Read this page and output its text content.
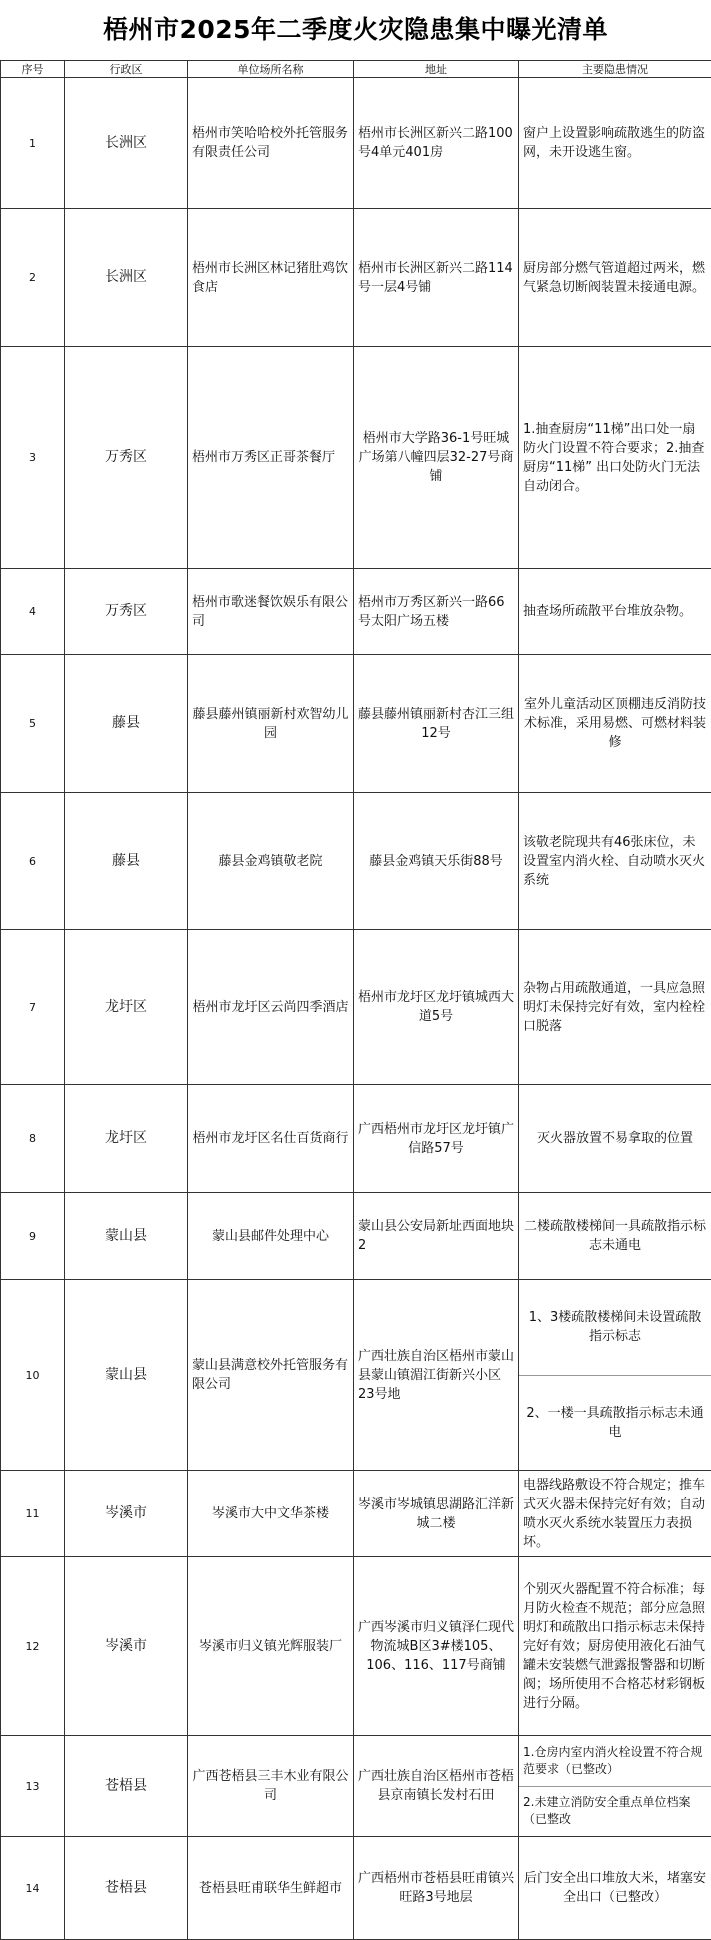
梧州市2025年二季度火灾隐患集中曝光清单
序号	行政区	单位场所名称	地址	主要隐患情况
1	长洲区	梧州市笑哈哈校外托管服务有限责任公司	梧州市长洲区新兴二路100号4单元401房	窗户上设置影响疏散逃生的防盗网，未开设逃生窗。
2	长洲区	梧州市长洲区林记猪肚鸡饮食店	梧州市长洲区新兴二路114号一层4号铺	厨房部分燃气管道超过两米，燃气紧急切断阀装置未接通电源。
3	万秀区	梧州市万秀区正哥茶餐厅	梧州市大学路36-1号旺城广场第八幢四层32-27号商铺	1.抽查厨房“11梯”出口处一扇防火门设置不符合要求；2.抽查厨房“11梯” 出口处防火门无法自动闭合。
4	万秀区	梧州市歌迷餐饮娱乐有限公司	梧州市万秀区新兴一路66号太阳广场五楼	抽查场所疏散平台堆放杂物。
5	藤县	藤县藤州镇丽新村欢智幼儿园	藤县藤州镇丽新村杏江三组12号	室外儿童活动区顶棚违反消防技术标准，采用易燃、可燃材料装修
6	藤县	藤县金鸡镇敬老院	藤县金鸡镇天乐街88号	该敬老院现共有46张床位，未设置室内消火栓、自动喷水灭火系统
7	龙圩区	梧州市龙圩区云尚四季酒店	梧州市龙圩区龙圩镇城西大道5号	杂物占用疏散通道，一具应急照明灯未保持完好有效，室内栓栓口脱落
8	龙圩区	梧州市龙圩区名仕百货商行	广西梧州市龙圩区龙圩镇广信路57号	灭火器放置不易拿取的位置
9	蒙山县	蒙山县邮件处理中心	蒙山县公安局新址西面地块2	二楼疏散楼梯间一具疏散指示标志未通电
10	蒙山县	蒙山县满意校外托管服务有限公司	广西壮族自治区梧州市蒙山县蒙山镇湄江街新兴小区23号地	1、3楼疏散楼梯间未设置疏散指示标志
2、一楼一具疏散指示标志未通电

11	岑溪市	岑溪市大中文华茶楼	岑溪市岑城镇思湖路汇洋新城二楼	电器线路敷设不符合规定；推车式灭火器未保持完好有效；自动喷水灭火系统水装置压力表损坏。
12	岑溪市	岑溪市归义镇光辉服装厂	广西岑溪市归义镇泽仁现代物流城B区3#楼105、106、116、117号商铺	个别灭火器配置不符合标准；每月防火检查不规范；部分应急照明灯和疏散出口指示标志未保持完好有效；厨房使用液化石油气罐未安装燃气泄露报警器和切断阀；场所使用不合格芯材彩钢板进行分隔。
13	苍梧县	广西苍梧县三丰木业有限公司	广西壮族自治区梧州市苍梧县京南镇长发村石田	1.仓房内室内消火栓设置不符合规范要求（已整改）
2.未建立消防安全重点单位档案（已整改

14	苍梧县	苍梧县旺甫联华生鲜超市	广西梧州市苍梧县旺甫镇兴旺路3号地层	后门安全出口堆放大米，堵塞安全出口（已整改）
